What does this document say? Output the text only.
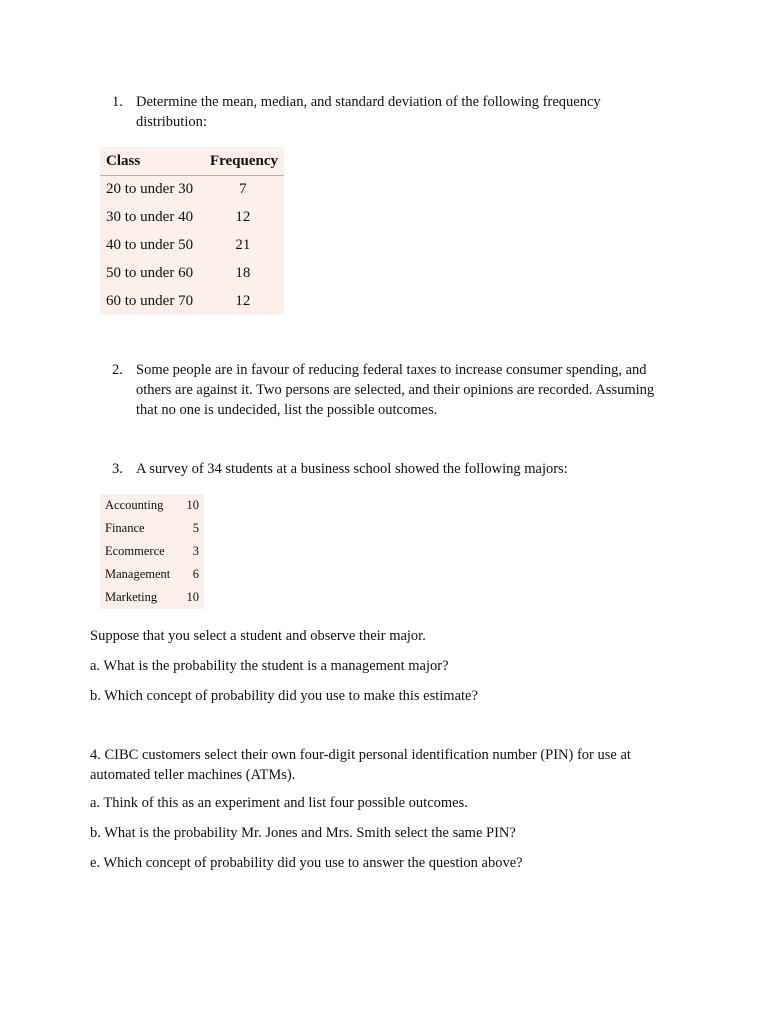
1. Determine the mean, median, and standard deviation of the following frequency
distribution:
Class	Frequency
20 to under 30	7
30 to under 40	12
40 to under 50	21
50 to under 60	18
60 to under 70	12
2. Some people are in favour of reducing federal taxes to increase consumer spending, and
others are against it. Two persons are selected, and their opinions are recorded. Assuming
that no one is undecided, list the possible outcomes.
3. A survey of 34 students at a business school showed the following majors:
Accounting	10
Finance	5
Ecommerce	3
Management	6
Marketing	10
Suppose that you select a student and observe their major.
a. What is the probability the student is a management major?
b. Which concept of probability did you use to make this estimate?
4. CIBC customers select their own four-digit personal identification number (PIN) for use at
automated teller machines (ATMs).
a. Think of this as an experiment and list four possible outcomes.
b. What is the probability Mr. Jones and Mrs. Smith select the same PIN?
e. Which concept of probability did you use to answer the question above?
